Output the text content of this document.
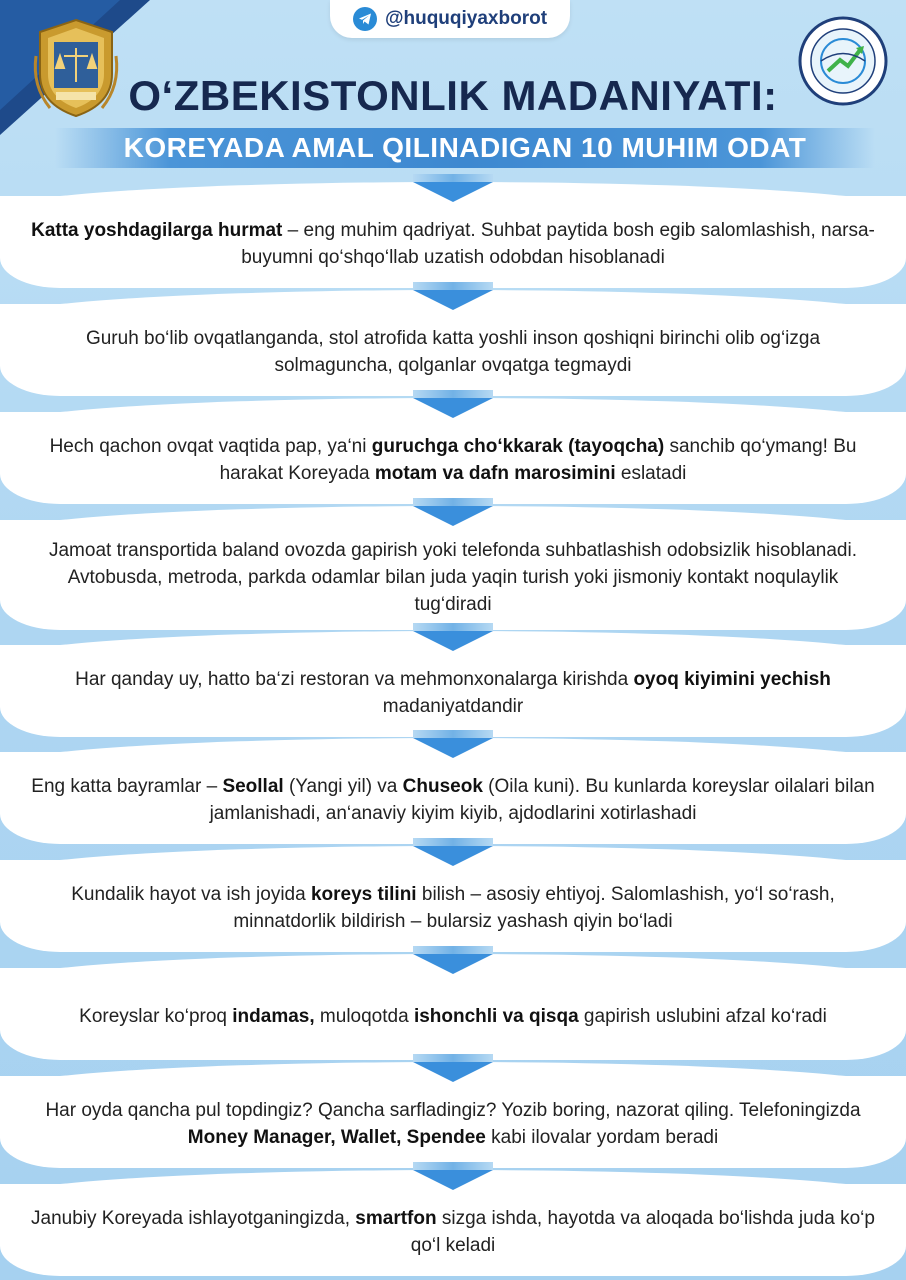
@huquqiyaxborot
O‘ZBEKISTONLIK MADANIYATI:
KOREYADA AMAL QILINADIGAN 10 MUHIM ODAT
Katta yoshdagilarga hurmat – eng muhim qadriyat. Suhbat paytida bosh egib salomlashish, narsa-buyumni qo‘shqo‘llab uzatish odobdan hisoblanadi
Guruh bo‘lib ovqatlanganda, stol atrofida katta yoshli inson qoshiqni birinchi olib og‘izga solmaguncha, qolganlar ovqatga tegmaydi
Hech qachon ovqat vaqtida pap, ya‘ni guruchga cho‘kkarak (tayoqcha) sanchib qo‘ymang! Bu harakat Koreyada motam va dafn marosimini eslatadi
Jamoat transportida baland ovozda gapirish yoki telefonda suhbatlashish odobsizlik hisoblanadi. Avtobusda, metroda, parkda odamlar bilan juda yaqin turish yoki jismoniy kontakt noqulaylik tug‘diradi
Har qanday uy, hatto ba‘zi restoran va mehmonxonalarga kirishda oyoq kiyimini yechish madaniyatdandir
Eng katta bayramlar – Seollal (Yangi yil) va Chuseok (Oila kuni). Bu kunlarda koreyslar oilalari bilan jamlanishadi, an‘anaviy kiyim kiyib, ajdodlarini xotirlashadi
Kundalik hayot va ish joyida koreys tilini bilish – asosiy ehtiyoj. Salomlashish, yo‘l so‘rash, minnatdorlik bildirish – bularsiz yashash qiyin bo‘ladi
Koreyslar ko‘proq indamas, muloqotda ishonchli va qisqa gapirish uslubini afzal ko‘radi
Har oyda qancha pul topdingiz? Qancha sarfladingiz? Yozib boring, nazorat qiling. Telefoningizda Money Manager, Wallet, Spendee kabi ilovalar yordam beradi
Janubiy Koreyada ishlayotganingizda, smartfon sizga ishda, hayotda va aloqada bo‘lishda juda ko‘p qo‘l keladi
